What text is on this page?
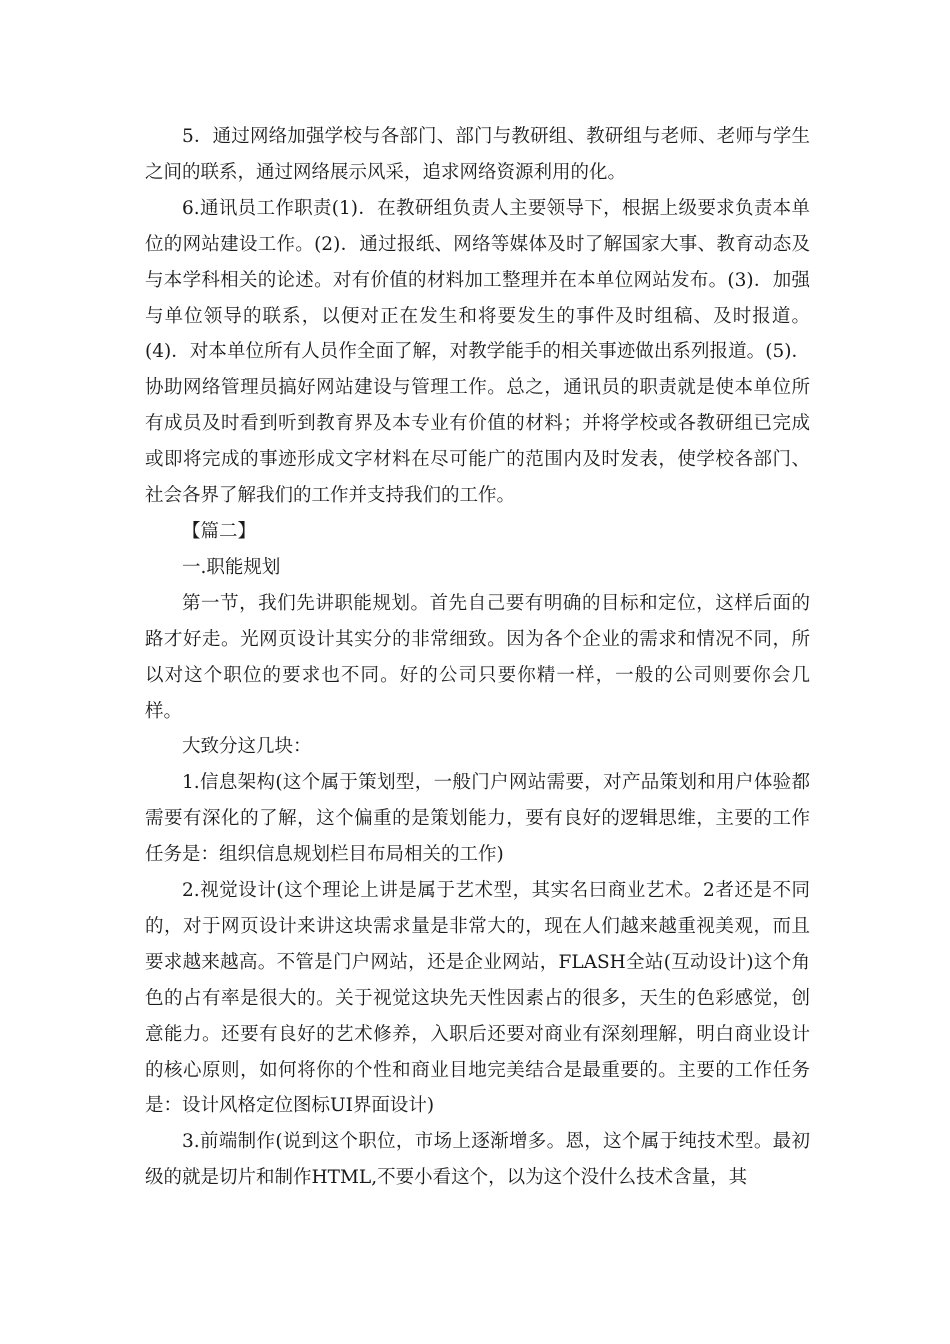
5．通过网络加强学校与各部门、部门与教研组、教研组与老师、老师与学生之间的联系，通过网络展示风采，追求网络资源利用的化。

6.通讯员工作职责(1)．在教研组负责人主要领导下，根据上级要求负责本单位的网站建设工作。(2)．通过报纸、网络等媒体及时了解国家大事、教育动态及与本学科相关的论述。对有价值的材料加工整理并在本单位网站发布。(3)．加强与单位领导的联系，以便对正在发生和将要发生的事件及时组稿、及时报道。(4)．对本单位所有人员作全面了解，对教学能手的相关事迹做出系列报道。(5)．协助网络管理员搞好网站建设与管理工作。总之，通讯员的职责就是使本单位所有成员及时看到听到教育界及本专业有价值的材料；并将学校或各教研组已完成或即将完成的事迹形成文字材料在尽可能广的范围内及时发表，使学校各部门、社会各界了解我们的工作并支持我们的工作。

【篇二】

一.职能规划

第一节，我们先讲职能规划。首先自己要有明确的目标和定位，这样后面的路才好走。光网页设计其实分的非常细致。因为各个企业的需求和情况不同，所以对这个职位的要求也不同。好的公司只要你精一样，一般的公司则要你会几样。

大致分这几块：

1.信息架构(这个属于策划型，一般门户网站需要，对产品策划和用户体验都需要有深化的了解，这个偏重的是策划能力，要有良好的逻辑思维，主要的工作任务是：组织信息规划栏目布局相关的工作)

2.视觉设计(这个理论上讲是属于艺术型，其实名曰商业艺术。2者还是不同的，对于网页设计来讲这块需求量是非常大的，现在人们越来越重视美观，而且要求越来越高。不管是门户网站，还是企业网站，FLASH全站(互动设计)这个角色的占有率是很大的。关于视觉这块先天性因素占的很多，天生的色彩感觉，创意能力。还要有良好的艺术修养，入职后还要对商业有深刻理解，明白商业设计的核心原则，如何将你的个性和商业目地完美结合是最重要的。主要的工作任务是：设计风格定位图标UI界面设计)

3.前端制作(说到这个职位，市场上逐渐增多。恩，这个属于纯技术型。最初级的就是切片和制作HTML,不要小看这个，以为这个没什么技术含量，其
